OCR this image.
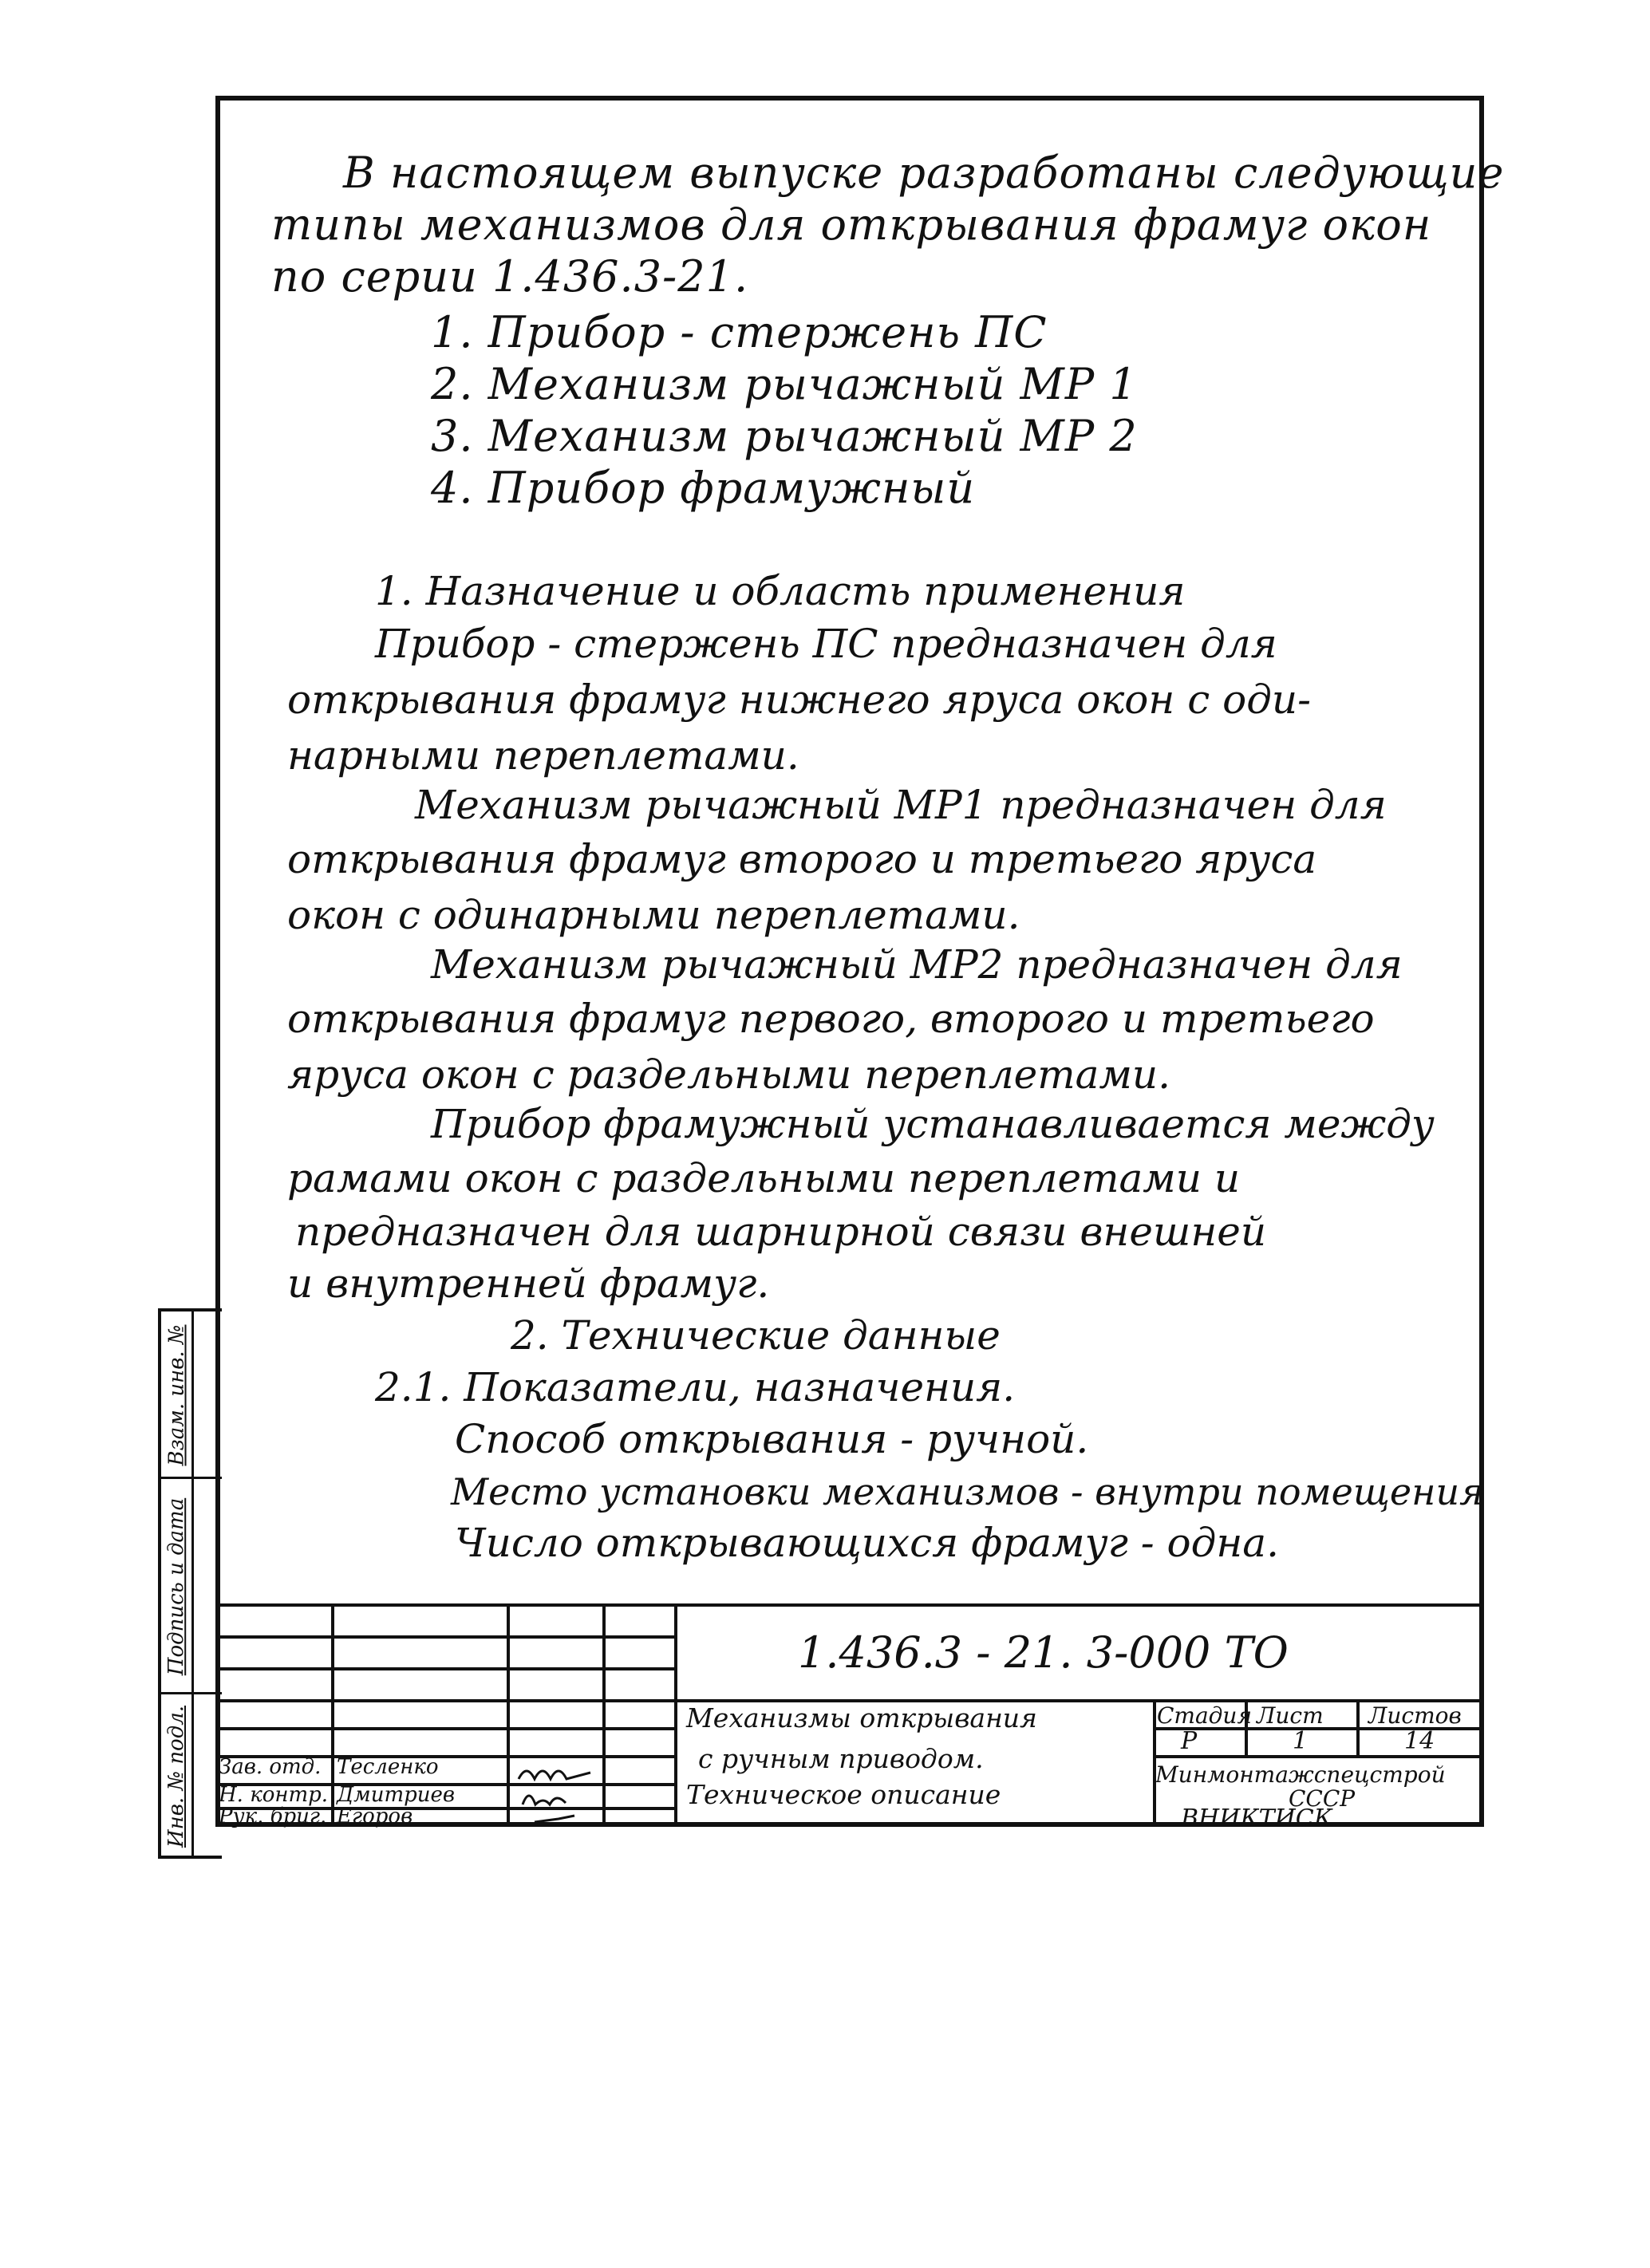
В настоящем выпуске разработаны следующие
типы механизмов для открывания фрамуг окон
по серии 1.436.3-21.
1. Прибор - стержень ПС
2. Механизм рычажный МР 1
3. Механизм рычажный МР 2
4. Прибор фрамужный
1. Назначение и область применения
Прибор - стержень ПС предназначен для
открывания фрамуг нижнего яруса окон с оди-
нарными переплетами.
Механизм рычажный МР1 предназначен для
открывания фрамуг второго и третьего яруса
окон с одинарными переплетами.
Механизм рычажный МР2 предназначен для
открывания фрамуг первого, второго и третьего
яруса окон с раздельными переплетами.
Прибор фрамужный устанавливается между
рамами окон с раздельными переплетами и
предназначен для шарнирной связи внешней
и внутренней фрамуг.
2. Технические данные
2.1. Показатели, назначения.
Способ открывания - ручной.
Место установки механизмов - внутри помещения
Число открывающихся фрамуг - одна.
Взам. инв. №
Подпись и дата
Инв. № подл.
1.436.3 - 21. 3-000 ТО
Механизмы открывания
с ручным приводом.
Техническое описание
Стадия Лист Листов
Р	1	14
Минмонтажспецстрой
СССР
ВНИКТИСК
Зав. отд. Тесленко
Н. контр. Дмитриев
Рук. бриг. Егоров
